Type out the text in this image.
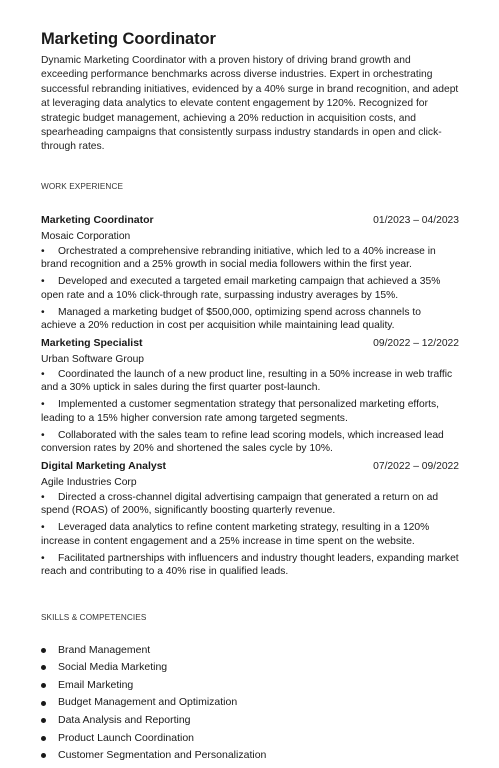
Marketing Coordinator

Dynamic Marketing Coordinator with a proven history of driving brand growth and exceeding performance benchmarks across diverse industries. Expert in orchestrating successful rebranding initiatives, evidenced by a 40% surge in brand recognition, and adept at leveraging data analytics to elevate content engagement by 120%. Recognized for strategic budget management, achieving a 20% reduction in acquisition costs, and spearheading campaigns that consistently surpass industry standards in open and click-through rates.

WORK EXPERIENCE
Marketing Coordinator	01/2023 – 04/2023
Mosaic Corporation
• Orchestrated a comprehensive rebranding initiative, which led to a 40% increase in brand recognition and a 25% growth in social media followers within the first year.
• Developed and executed a targeted email marketing campaign that achieved a 35% open rate and a 10% click-through rate, surpassing industry averages by 15%.
• Managed a marketing budget of $500,000, optimizing spend across channels to achieve a 20% reduction in cost per acquisition while maintaining lead quality.
Marketing Specialist	09/2022 – 12/2022
Urban Software Group
• Coordinated the launch of a new product line, resulting in a 50% increase in web traffic and a 30% uptick in sales during the first quarter post-launch.
• Implemented a customer segmentation strategy that personalized marketing efforts, leading to a 15% higher conversion rate among targeted segments.
• Collaborated with the sales team to refine lead scoring models, which increased lead conversion rates by 20% and shortened the sales cycle by 10%.
Digital Marketing Analyst	07/2022 – 09/2022
Agile Industries Corp
• Directed a cross-channel digital advertising campaign that generated a return on ad spend (ROAS) of 200%, significantly boosting quarterly revenue.
• Leveraged data analytics to refine content marketing strategy, resulting in a 120% increase in content engagement and a 25% increase in time spent on the website.
• Facilitated partnerships with influencers and industry thought leaders, expanding market reach and contributing to a 40% rise in qualified leads.
SKILLS & COMPETENCIES
Brand Management
Social Media Marketing
Email Marketing
Budget Management and Optimization
Data Analysis and Reporting
Product Launch Coordination
Customer Segmentation and Personalization
